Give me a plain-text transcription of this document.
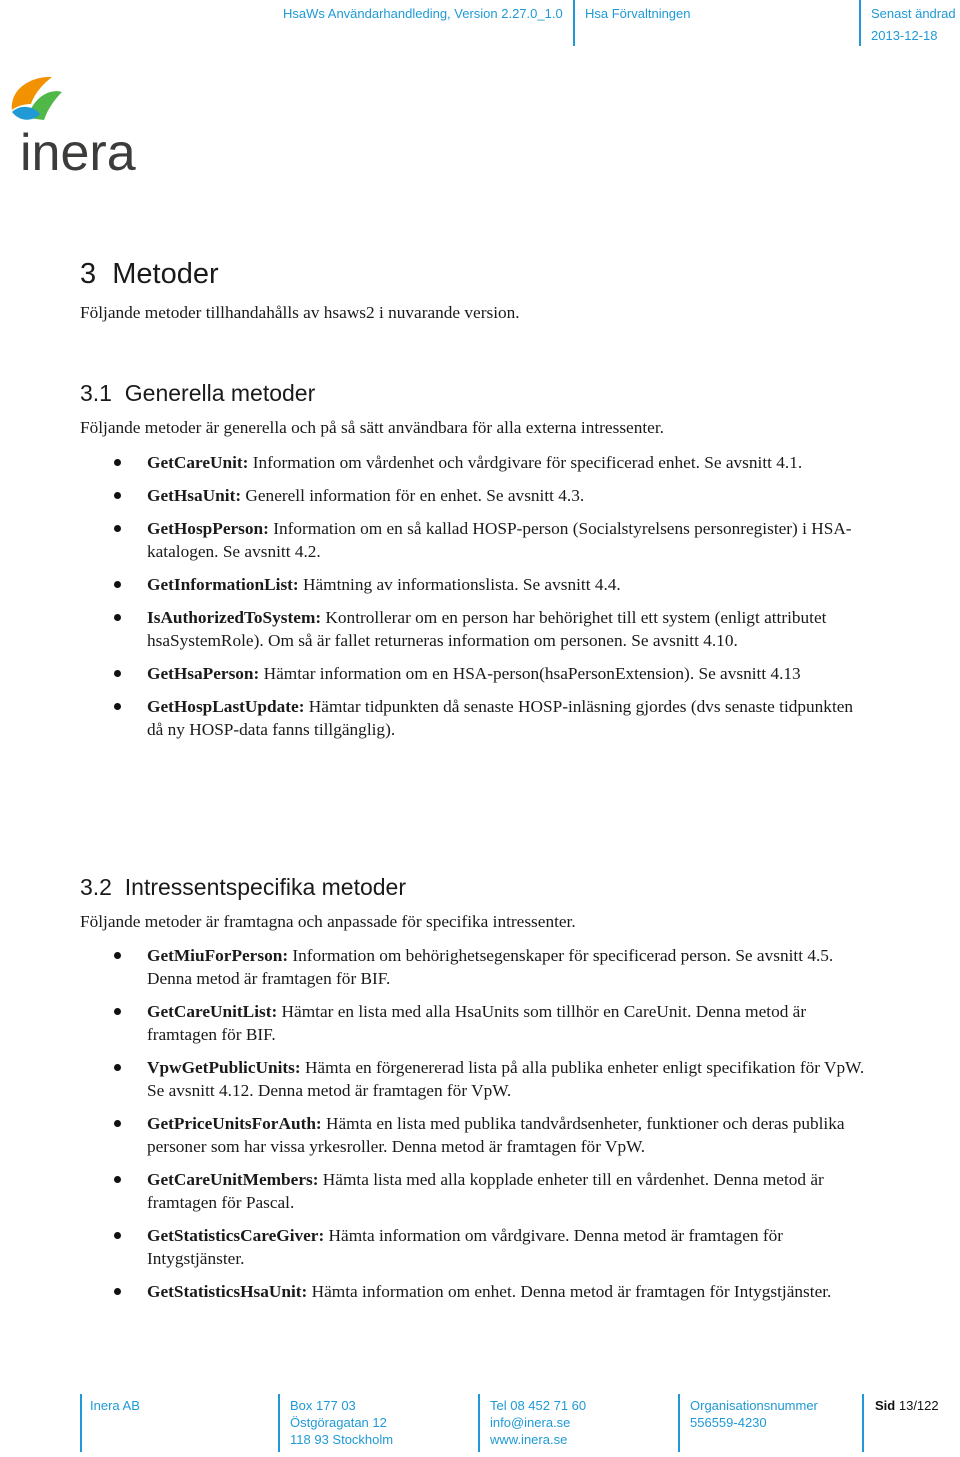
HsaWs Användarhandleding, Version 2.27.0_1.0 Hsa Förvaltningen	Senast ändrad
2013-12-18
inera
3 Metoder

Följande metoder tillhandahålls av hsaws2 i nuvarande version.

3.1 Generella metoder

Följande metoder är generella och på så sätt användbara för alla externa intressenter.

GetCareUnit: Information om vårdenhet och vårdgivare för specificerad enhet. Se avsnitt 4.1.
GetHsaUnit: Generell information för en enhet. Se avsnitt 4.3.
GetHospPerson: Information om en så kallad HOSP-person (Socialstyrelsens personregister) i HSA-katalogen. Se avsnitt 4.2.
GetInformationList: Hämtning av informationslista. Se avsnitt 4.4.
IsAuthorizedToSystem: Kontrollerar om en person har behörighet till ett system (enligt attributet hsaSystemRole). Om så är fallet returneras information om personen. Se avsnitt 4.10.
GetHsaPerson: Hämtar information om en HSA-person(hsaPersonExtension). Se avsnitt 4.13
GetHospLastUpdate: Hämtar tidpunkten då senaste HOSP-inläsning gjordes (dvs senaste tidpunkten då ny HOSP-data fanns tillgänglig).
3.2 Intressentspecifika metoder

Följande metoder är framtagna och anpassade för specifika intressenter.

GetMiuForPerson: Information om behörighetsegenskaper för specificerad person. Se avsnitt 4.5. Denna metod är framtagen för BIF.
GetCareUnitList: Hämtar en lista med alla HsaUnits som tillhör en CareUnit. Denna metod är framtagen för BIF.
VpwGetPublicUnits: Hämta en förgenererad lista på alla publika enheter enligt specifikation för VpW. Se avsnitt 4.12. Denna metod är framtagen för VpW.
GetPriceUnitsForAuth: Hämta en lista med publika tandvårdsenheter, funktioner och deras publika personer som har vissa yrkesroller. Denna metod är framtagen för VpW.
GetCareUnitMembers: Hämta lista med alla kopplade enheter till en vårdenhet. Denna metod är framtagen för Pascal.
GetStatisticsCareGiver: Hämta information om vårdgivare. Denna metod är framtagen för Intygstjänster.
GetStatisticsHsaUnit: Hämta information om enhet. Denna metod är framtagen för Intygstjänster.
Inera AB	Box 177 03
Östgöragatan 12
118 93 Stockholm
Tel 08 452 71 60
info@inera.se
www.inera.se
Organisationsnummer
556559-4230
Sid 13/122
